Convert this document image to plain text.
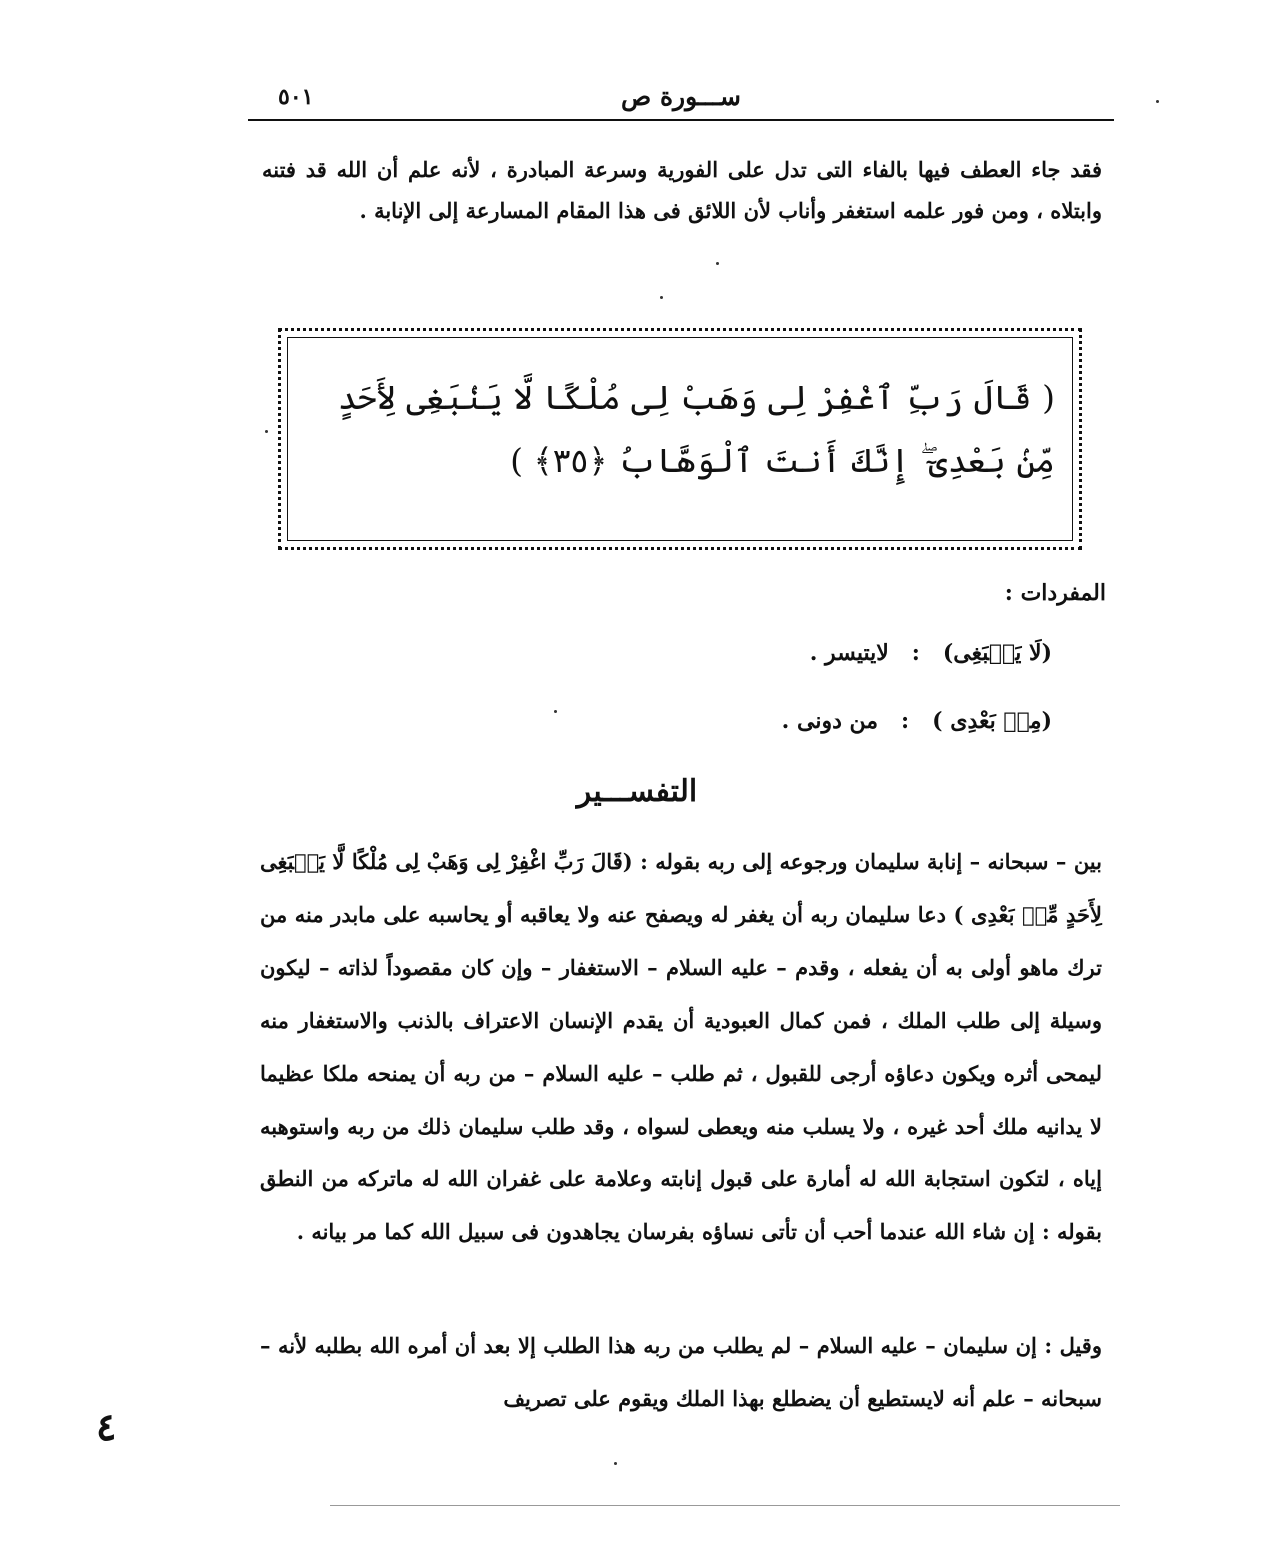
ســـورة ص
٥٠١
فقد جاء العطف فيها بالفاء التى تدل على الفورية وسرعة المبادرة ، لأنه علم أن الله قد فتنه وابتلاه ، ومن فور علمه استغفر وأناب لأن اللائق فى هذا المقام المسارعة إلى الإنابة .
( قَالَ رَبِّ ٱغْفِرْ لِى وَهَبْ لِى مُلْكًا لَّا يَنۢبَغِى لِأَحَدٍ مِّنۢ بَعْدِىٓ ۖ إِنَّكَ أَنتَ ٱلْوَهَّابُ ﴿٣٥﴾ )
المفردات :
(لَا يَنۢبَغِى)   :   لايتيسر .
(مِنۢ بَعْدِى )   :   من دونى .
التفســـير
بين – سبحانه – إنابة سليمان ورجوعه إلى ربه بقوله : (قَالَ رَبِّ اغْفِرْ لِى وَهَبْ لِى مُلْكًا لَّا يَنۢبَغِى لِأَحَدٍ مِّنۢ بَعْدِى ) دعا سليمان ربه أن يغفر له ويصفح عنه ولا يعاقبه أو يحاسبه على مابدر منه من ترك ماهو أولى به أن يفعله ، وقدم – عليه السلام – الاستغفار – وإن كان مقصوداً لذاته – ليكون وسيلة إلى طلب الملك ، فمن كمال العبودية أن يقدم الإنسان الاعتراف بالذنب والاستغفار منه ليمحى أثره ويكون دعاؤه أرجى للقبول ، ثم طلب – عليه السلام – من ربه أن يمنحه ملكا عظيما لا يدانيه ملك أحد غيره ، ولا يسلب منه ويعطى لسواه ، وقد طلب سليمان ذلك من ربه واستوهبه إياه ، لتكون استجابة الله له أمارة على قبول إنابته وعلامة على غفران الله له ماتركه من النطق بقوله : إن شاء الله عندما أحب أن تأتى نساؤه بفرسان يجاهدون فى سبيل الله كما مر بيانه .
وقيل : إن سليمان – عليه السلام – لم يطلب من ربه هذا الطلب إلا بعد أن أمره الله بطلبه لأنه – سبحانه – علم أنه لايستطيع أن يضطلع بهذا الملك ويقوم على تصريف
٤
